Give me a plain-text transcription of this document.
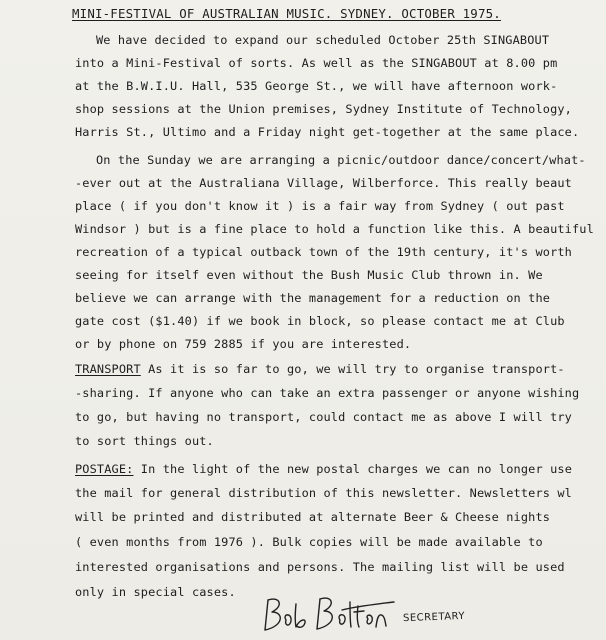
MINI-FESTIVAL OF AUSTRALIAN MUSIC. SYDNEY. OCTOBER 1975.
We have decided to expand our scheduled October 25th SINGABOUT
into a Mini-Festival of sorts. As well as the SINGABOUT at 8.00 pm
at the B.W.I.U. Hall, 535 George St., we will have afternoon work-
shop sessions at the Union premises, Sydney Institute of Technology,
Harris St., Ultimo and a Friday night get-together at the same place.
On the Sunday we are arranging a picnic/outdoor dance/concert/what-
-ever out at the Australiana Village, Wilberforce. This really beaut
place ( if you don't know it ) is a fair way from Sydney ( out past
Windsor ) but is a fine place to hold a function like this. A beautiful
recreation of a typical outback town of the 19th century, it's worth
seeing for itself even without the Bush Music Club thrown in. We
believe we can arrange with the management for a reduction on the
gate cost ($1.40) if we book in block, so please contact me at Club
or by phone on 759 2885 if you are interested.
TRANSPORT As it is so far to go, we will try to organise transport-
-sharing. If anyone who can take an extra passenger or anyone wishing
to go, but having no transport, could contact me as above I will try
to sort things out.
POSTAGE: In the light of the new postal charges we can no longer use
the mail for general distribution of this newsletter. Newsletters wl
will be printed and distributed at alternate Beer & Cheese nights
( even months from 1976 ). Bulk copies will be made available to
interested organisations and persons. The mailing list will be used
only in special cases.
SECRETARY
